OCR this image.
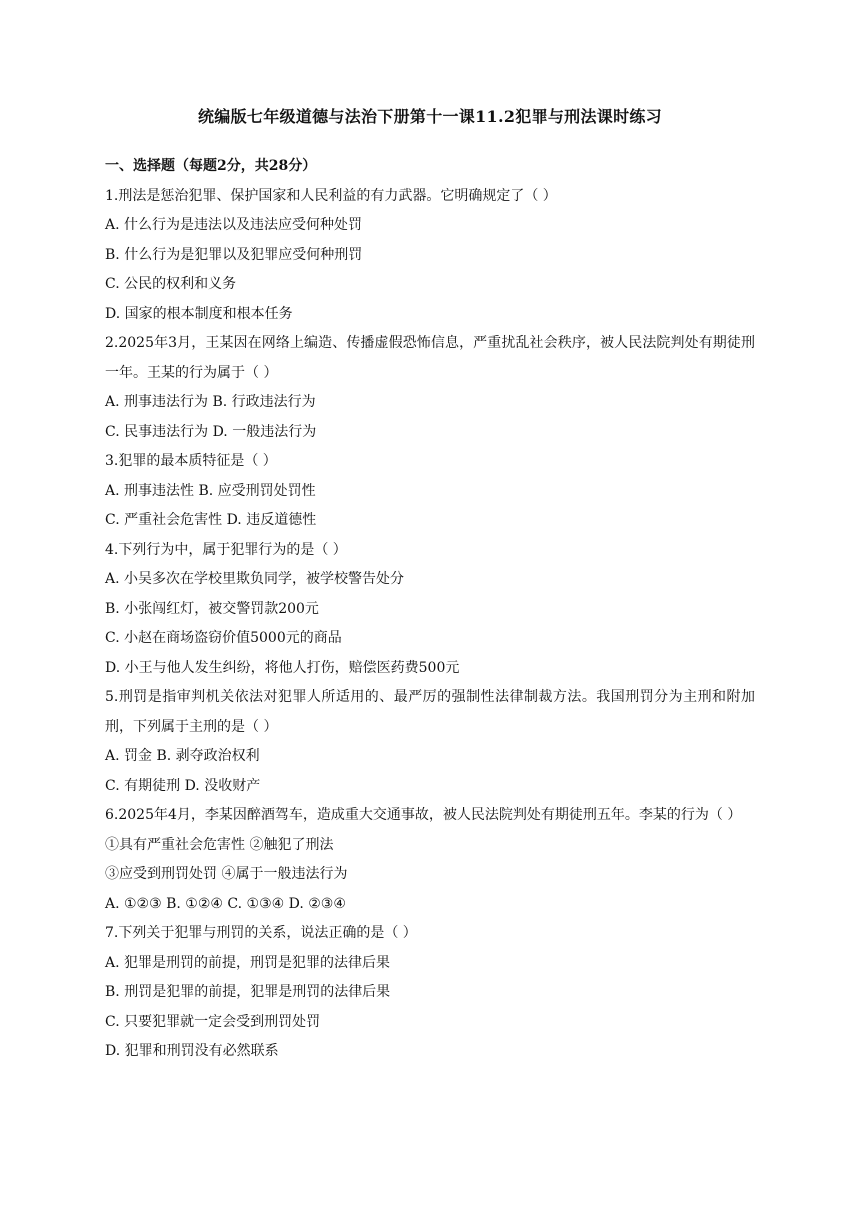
统编版七年级道德与法治下册第十一课11.2犯罪与刑法课时练习
一、选择题（每题2分，共28分）
1.刑法是惩治犯罪、保护国家和人民利益的有力武器。它明确规定了（ ）
A. 什么行为是违法以及违法应受何种处罚
B. 什么行为是犯罪以及犯罪应受何种刑罚
C. 公民的权利和义务
D. 国家的根本制度和根本任务
2.2025年3月，王某因在网络上编造、传播虚假恐怖信息，严重扰乱社会秩序，被人民法院判处有期徒刑一年。王某的行为属于（ ）
A. 刑事违法行为 B. 行政违法行为
C. 民事违法行为 D. 一般违法行为
3.犯罪的最本质特征是（ ）
A. 刑事违法性 B. 应受刑罚处罚性
C. 严重社会危害性 D. 违反道德性
4.下列行为中，属于犯罪行为的是（ ）
A. 小吴多次在学校里欺负同学，被学校警告处分
B. 小张闯红灯，被交警罚款200元
C. 小赵在商场盗窃价值5000元的商品
D. 小王与他人发生纠纷，将他人打伤，赔偿医药费500元
5.刑罚是指审判机关依法对犯罪人所适用的、最严厉的强制性法律制裁方法。我国刑罚分为主刑和附加刑，下列属于主刑的是（ ）
A. 罚金 B. 剥夺政治权利
C. 有期徒刑 D. 没收财产
6.2025年4月，李某因醉酒驾车，造成重大交通事故，被人民法院判处有期徒刑五年。李某的行为（ ）
①具有严重社会危害性 ②触犯了刑法
③应受到刑罚处罚 ④属于一般违法行为
A. ①②③ B. ①②④ C. ①③④ D. ②③④
7.下列关于犯罪与刑罚的关系，说法正确的是（ ）
A. 犯罪是刑罚的前提，刑罚是犯罪的法律后果
B. 刑罚是犯罪的前提，犯罪是刑罚的法律后果
C. 只要犯罪就一定会受到刑罚处罚
D. 犯罪和刑罚没有必然联系
